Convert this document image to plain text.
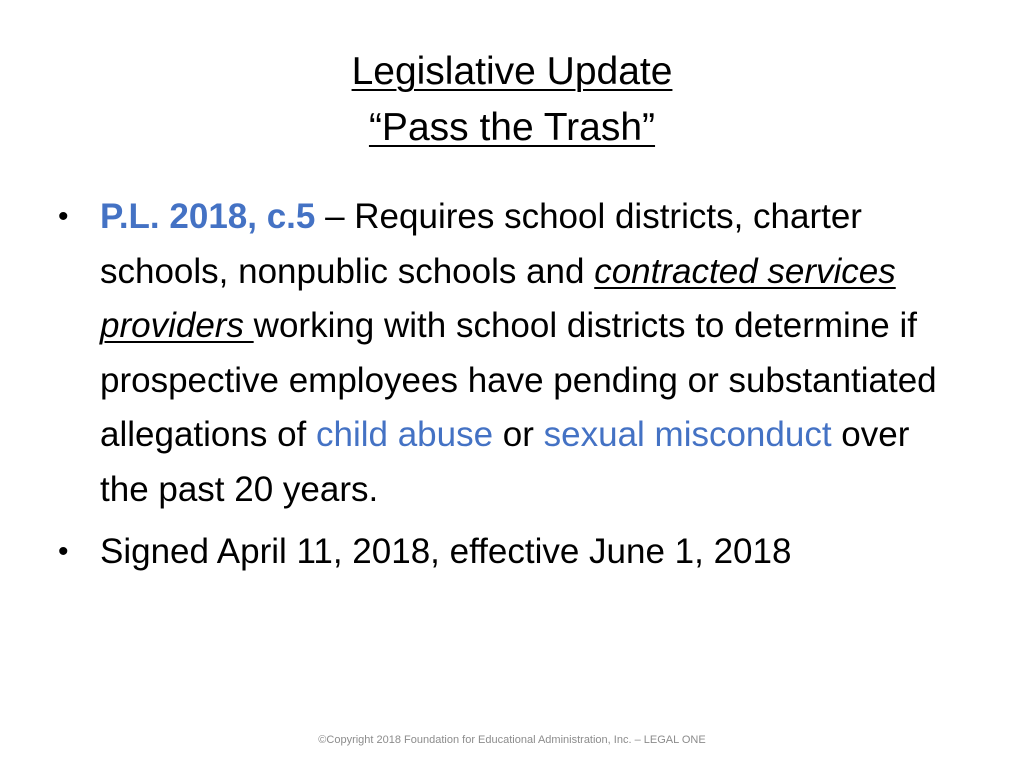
Legislative Update
“Pass the Trash”
• P.L. 2018, c.5 – Requires school districts, charter schools, nonpublic schools and contracted services providers working with school districts to determine if prospective employees have pending or substantiated allegations of child abuse or sexual misconduct over the past 20 years.
• Signed April 11, 2018, effective June 1, 2018
©Copyright 2018 Foundation for Educational Administration, Inc. – LEGAL ONE
